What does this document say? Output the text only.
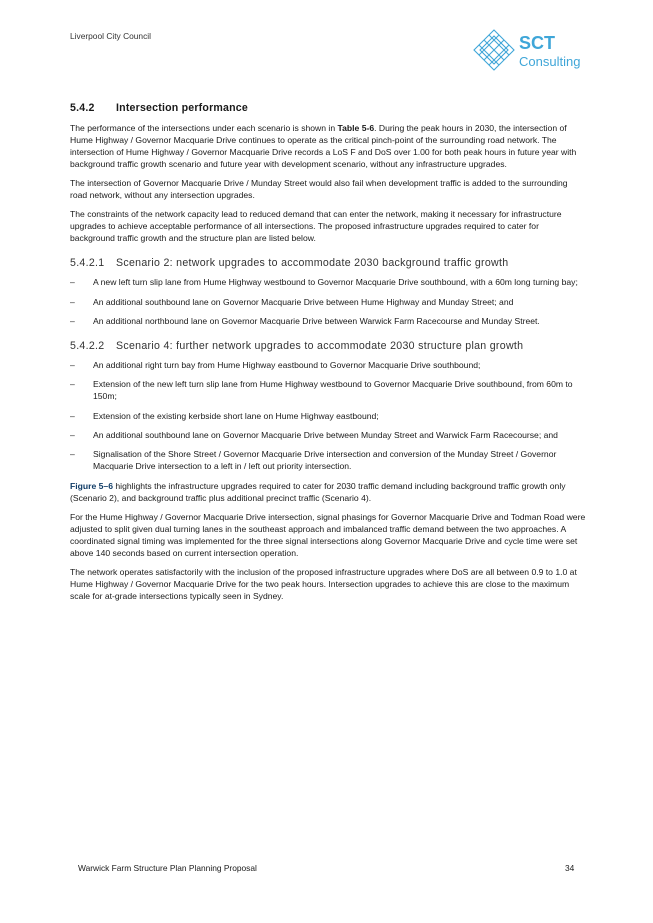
Liverpool City Council	SCT
Consulting
5.4.2 Intersection performance

The performance of the intersections under each scenario is shown in Table 5-6. During the peak hours in 2030, the intersection of Hume Highway / Governor Macquarie Drive continues to operate as the critical pinch-point of the surrounding road network. The intersection of Hume Highway / Governor Macquarie Drive records a LoS F and DoS over 1.00 for both peak hours in future year with background traffic growth scenario and future year with development scenario, without any infrastructure upgrades.

The intersection of Governor Macquarie Drive / Munday Street would also fail when development traffic is added to the surrounding road network, without any intersection upgrades.

The constraints of the network capacity lead to reduced demand that can enter the network, making it necessary for infrastructure upgrades to achieve acceptable performance of all intersections. The proposed infrastructure upgrades required to cater for background traffic growth and the structure plan are listed below.

5.4.2.1 Scenario 2: network upgrades to accommodate 2030 background traffic growth
– A new left turn slip lane from Hume Highway westbound to Governor Macquarie Drive southbound, with a 60m long turning bay;
– An additional southbound lane on Governor Macquarie Drive between Hume Highway and Munday Street; and
– An additional northbound lane on Governor Macquarie Drive between Warwick Farm Racecourse and Munday Street.
5.4.2.2 Scenario 4: further network upgrades to accommodate 2030 structure plan growth
– An additional right turn bay from Hume Highway eastbound to Governor Macquarie Drive southbound;
– Extension of the new left turn slip lane from Hume Highway westbound to Governor Macquarie Drive southbound, from 60m to 150m;
– Extension of the existing kerbside short lane on Hume Highway eastbound;
– An additional southbound lane on Governor Macquarie Drive between Munday Street and Warwick Farm Racecourse; and
– Signalisation of the Shore Street / Governor Macquarie Drive intersection and conversion of the Munday Street / Governor Macquarie Drive intersection to a left in / left out priority intersection.

Figure 5–6 highlights the infrastructure upgrades required to cater for 2030 traffic demand including background traffic growth only (Scenario 2), and background traffic plus additional precinct traffic (Scenario 4).

For the Hume Highway / Governor Macquarie Drive intersection, signal phasings for Governor Macquarie Drive and Todman Road were adjusted to split given dual turning lanes in the southeast approach and imbalanced traffic demand between the two approaches. A coordinated signal timing was implemented for the three signal intersections along Governor Macquarie Drive and cycle time were set above 140 seconds based on current intersection operation.

The network operates satisfactorily with the inclusion of the proposed infrastructure upgrades where DoS are all between 0.9 to 1.0 at Hume Highway / Governor Macquarie Drive for the two peak hours. Intersection upgrades to achieve this are close to the maximum scale for at-grade intersections typically seen in Sydney.

Warwick Farm Structure Plan Planning Proposal	34
